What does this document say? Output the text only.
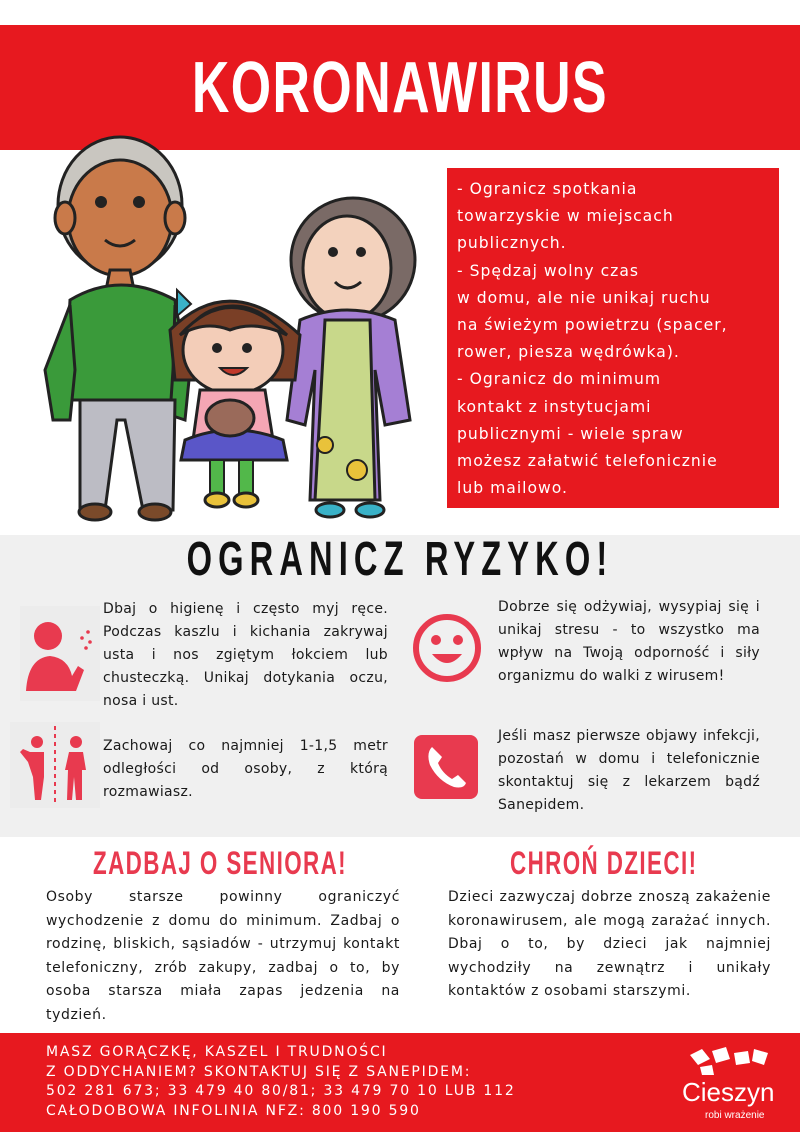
KORONAWIRUS

- Ogranicz spotkania
towarzyskie w miejscach
publicznych.
- Spędzaj wolny czas
w domu, ale nie unikaj ruchu
na świeżym powietrzu (spacer,
rower, piesza wędrówka).
- Ogranicz do minimum
kontakt z instytucjami
publicznymi - wiele spraw
możesz załatwić telefonicznie
lub mailowo.

OGRANICZ RYZYKO!
Dbaj o higienę i często myj ręce. Podczas kaszlu i kichania zakrywaj usta i nos zgiętym łokciem lub chusteczką. Unikaj dotykania oczu, nosa i ust.
Dobrze się odżywiaj, wysypiaj się i unikaj stresu - to wszystko ma wpływ na Twoją odporność i siły organizmu do walki z wirusem!
Zachowaj co najmniej 1-1,5 metr odległości od osoby, z którą rozmawiasz.
Jeśli masz pierwsze objawy infekcji, pozostań w domu i telefonicznie skontaktuj się z lekarzem bądź Sanepidem.
ZADBAJ O SENIORA!
Osoby starsze powinny ograniczyć wychodzenie z domu do minimum. Zadbaj o rodzinę, bliskich, sąsiadów - utrzymuj kontakt telefoniczny, zrób zakupy, zadbaj o to, by osoba starsza miała zapas jedzenia na tydzień.
CHROŃ DZIECI!
Dzieci zazwyczaj dobrze znoszą zakażenie koronawirusem, ale mogą zarażać innych. Dbaj o to, by dzieci jak najmniej wychodziły na zewnątrz i unikały kontaktów z osobami starszymi.
MASZ GORĄCZKĘ, KASZEL I TRUDNOŚCI
Z ODDYCHANIEM? SKONTAKTUJ SIĘ Z SANEPIDEM:
502 281 673; 33 479 40 80/81; 33 479 70 10 LUB 112
CAŁODOBOWA INFOLINIA NFZ: 800 190 590
Cieszyn
robi wrażenie
